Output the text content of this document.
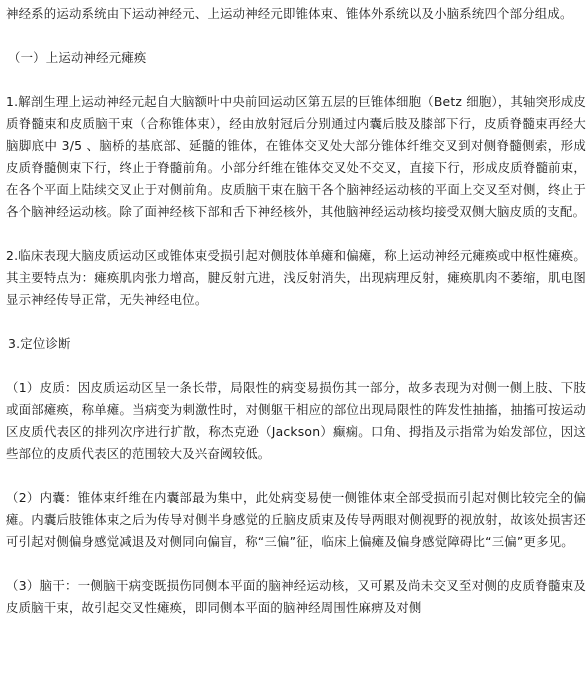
神经系的运动系统由下运动神经元、上运动神经元即锥体束、锥体外系统以及小脑系统四个部分组成。

（一）上运动神经元瘫痪

1.解剖生理上运动神经元起自大脑额叶中央前回运动区第五层的巨锥体细胞（Betz 细胞），其轴突形成皮质脊髓束和皮质脑干束（合称锥体束），经由放射冠后分别通过内囊后肢及膝部下行，皮质脊髓束再经大脑脚底中 3/5 、脑桥的基底部、延髓的锥体，在锥体交叉处大部分锥体纤维交叉到对侧脊髓侧索，形成皮质脊髓侧束下行，终止于脊髓前角。小部分纤维在锥体交叉处不交叉，直接下行，形成皮质脊髓前束，在各个平面上陆续交叉止于对侧前角。皮质脑干束在脑干各个脑神经运动核的平面上交叉至对侧，终止于各个脑神经运动核。除了面神经核下部和舌下神经核外，其他脑神经运动核均接受双侧大脑皮质的支配。

2.临床表现大脑皮质运动区或锥体束受损引起对侧肢体单瘫和偏瘫，称上运动神经元瘫痪或中枢性瘫痪。其主要特点为：瘫痪肌肉张力增高，腱反射亢进，浅反射消失，出现病理反射，瘫痪肌肉不萎缩，肌电图显示神经传导正常，无失神经电位。

3.定位诊断

（1）皮质：因皮质运动区呈一条长带，局限性的病变易损伤其一部分，故多表现为对侧一侧上肢、下肢或面部瘫痪，称单瘫。当病变为刺激性时，对侧躯干相应的部位出现局限性的阵发性抽搐，抽搐可按运动区皮质代表区的排列次序进行扩散，称杰克逊（Jackson）癫痫。口角、拇指及示指常为始发部位，因这些部位的皮质代表区的范围较大及兴奋阈较低。

（2）内囊：锥体束纤维在内囊部最为集中，此处病变易使一侧锥体束全部受损而引起对侧比较完全的偏瘫。内囊后肢锥体束之后为传导对侧半身感觉的丘脑皮质束及传导两眼对侧视野的视放射，故该处损害还可引起对侧偏身感觉减退及对侧同向偏盲，称“三偏”征，临床上偏瘫及偏身感觉障碍比“三偏”更多见。

（3）脑干：一侧脑干病变既损伤同侧本平面的脑神经运动核，又可累及尚未交叉至对侧的皮质脊髓束及皮质脑干束，故引起交叉性瘫痪，即同侧本平面的脑神经周围性麻痹及对侧
